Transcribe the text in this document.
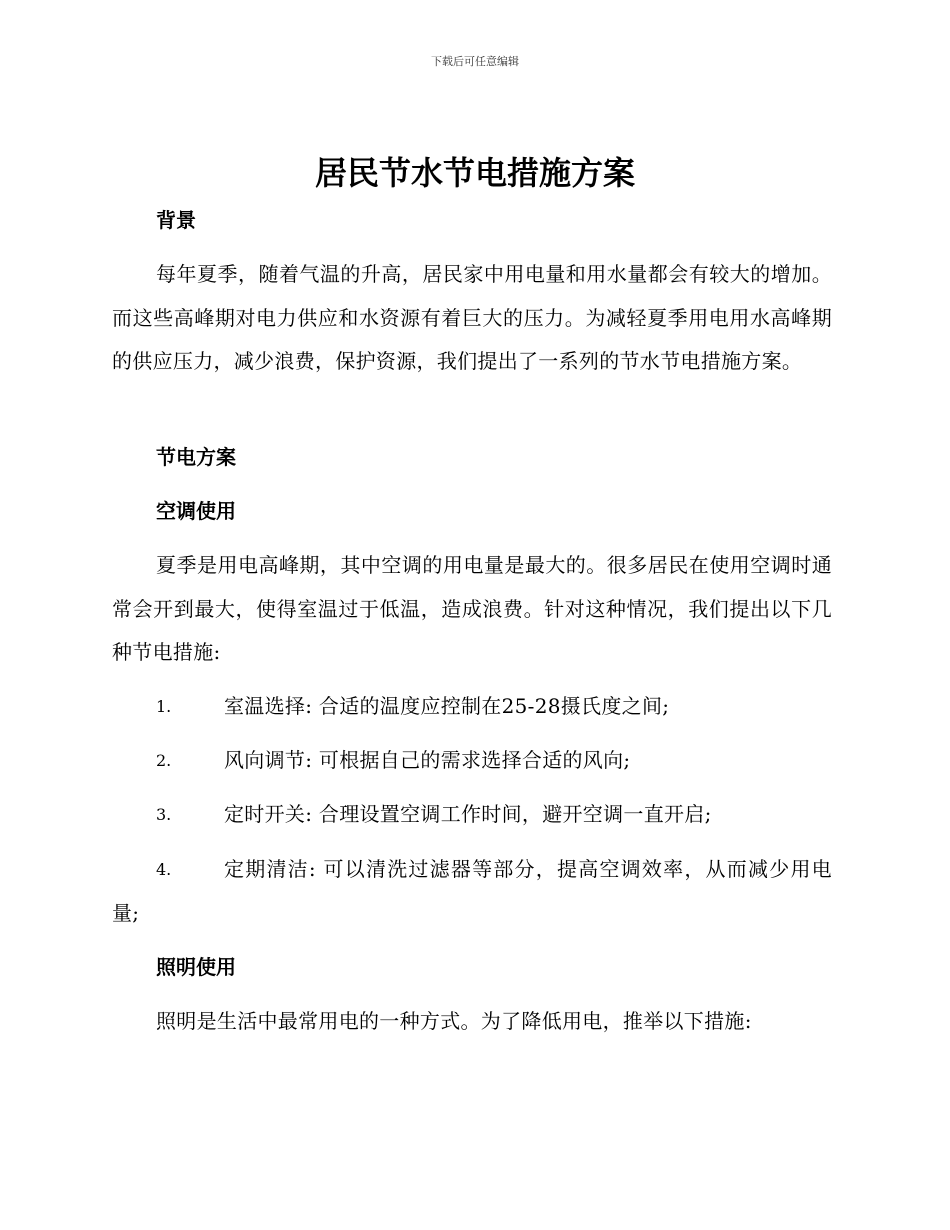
下载后可任意编辑
居民节水节电措施方案
背景

每年夏季，随着气温的升高，居民家中用电量和用水量都会有较大的增加。而这些高峰期对电力供应和水资源有着巨大的压力。为减轻夏季用电用水高峰期的供应压力，减少浪费，保护资源，我们提出了一系列的节水节电措施方案。

节电方案
空调使用

夏季是用电高峰期，其中空调的用电量是最大的。很多居民在使用空调时通常会开到最大，使得室温过于低温，造成浪费。针对这种情况，我们提出以下几种节电措施:

1.	室温选择: 合适的温度应控制在25-28摄氏度之间;
2.	风向调节: 可根据自己的需求选择合适的风向;
3.	定时开关: 合理设置空调工作时间，避开空调一直开启;
4.	定期清洁: 可以清洗过滤器等部分，提高空调效率，从而减少用电量;
照明使用

照明是生活中最常用电的一种方式。为了降低用电，推举以下措施:
